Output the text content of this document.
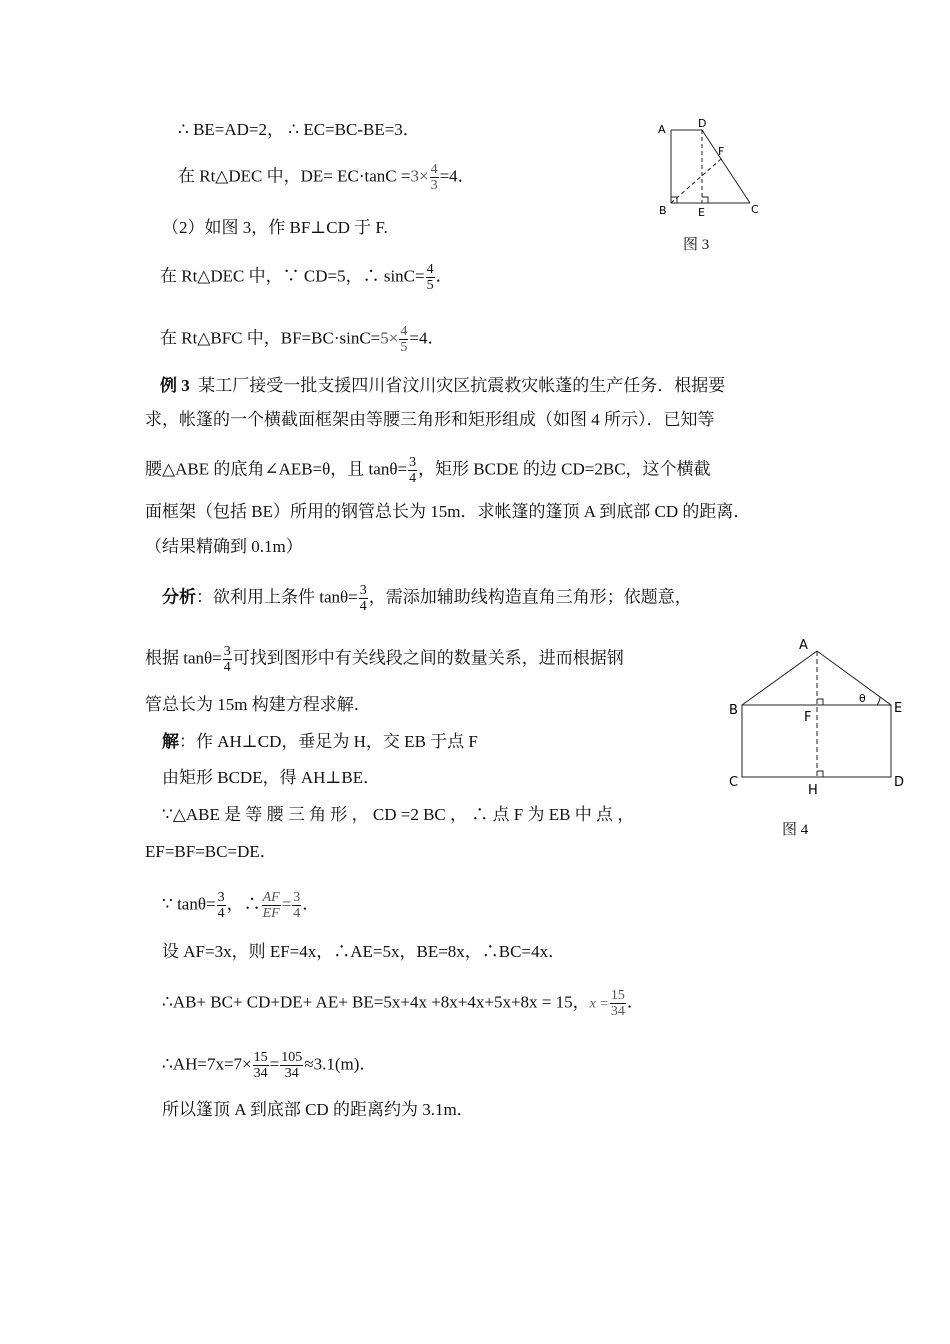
∴ BE=AD=2， ∴ EC=BC-BE=3．
在 Rt△DEC 中，$DE= EC\cdot\tan C =3\times \frac{4}{3} =4$．
（2）如图 3，作 BF⊥CD 于 F.
在 Rt△DEC 中，∵ CD=5，∴ $\sin C= \frac{4}{5}$ ．
在 Rt△BFC 中，$BF=BC\cdot\sin C=5\times \frac{4}{5} =4$．
例 3 某工厂接受一批支援四川省汶川灾区抗震救灾帐蓬的生产任务．根据要
求，帐篷的一个横截面框架由等腰三角形和矩形组成（如图 4 所示）．已知等
腰△ABE 的底角∠AEB=θ，且 $\tan\theta= \frac{3}{4}$ ，矩形 BCDE 的边 CD=2BC，这个横截
面框架（包括 BE）所用的钢管总长为 15m．求帐篷的篷顶 A 到底部 CD 的距离．
（结果精确到 0.1m）
分析：欲利用上条件 $\tan\theta= \frac{3}{4}$ ，需添加辅助线构造直角三角形；依题意，
根据 $\tan\theta= \frac{3}{4}$ 可找到图形中有关线段之间的数量关系，进而根据钢
管总长为 15m 构建方程求解．
解：作 AH⊥CD，垂足为 H，交 EB 于点 F
由矩形 BCDE，得 AH⊥BE．
∵△ABE 是 等 腰 三 角 形 ， CD =2 BC ， ∴ 点 F 为 EB 中 点 ，
EF=BF=BC=DE．
∵ $\tan\theta= \frac{3}{4}$ ，∴ $\frac{AF}{EF} = \frac{3}{4}$ ．
设 AF=3x，则 EF=4x，∴AE=5x，BE=8x，∴BC=4x．
∴AB+ BC+ CD+DE+ AE+ BE=5x+4x +8x+4x+5x+8x = 15，$x = \frac{15}{34}$ ．
∴AH=7x=7× $\frac{15}{34} = \frac{105}{34} \approx 3.1(m)$．
所以篷顶 A 到底部 CD 的距离约为 3.1m．
A	D
F
B	E	C
图 3
A
B	E
F
C
H
D
θ
图 4
